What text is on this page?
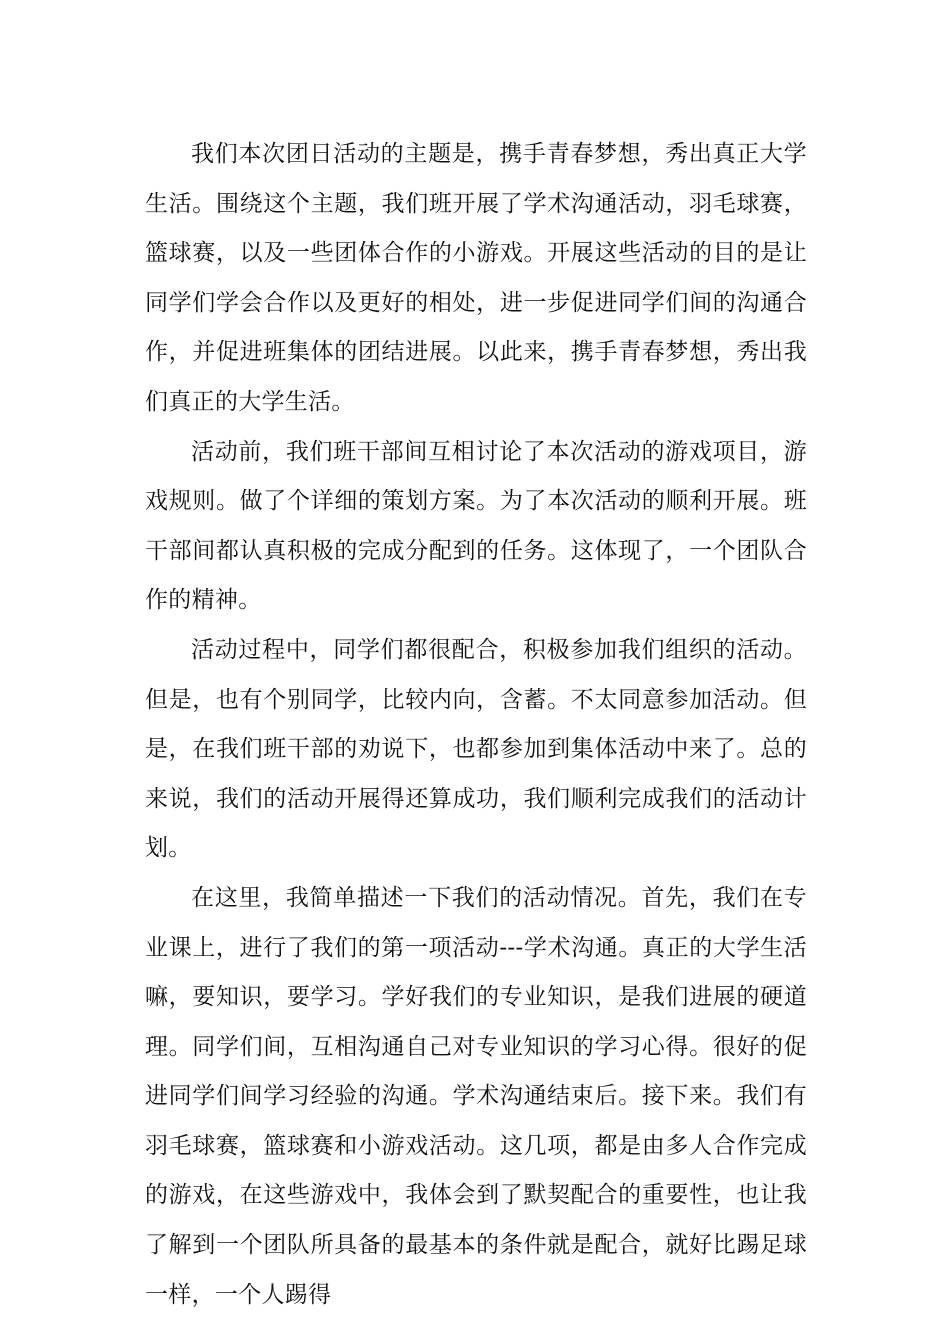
我们本次团日活动的主题是，携手青春梦想，秀出真正大学生活。围绕这个主题，我们班开展了学术沟通活动，羽毛球赛，篮球赛，以及一些团体合作的小游戏。开展这些活动的目的是让同学们学会合作以及更好的相处，进一步促进同学们间的沟通合作，并促进班集体的团结进展。以此来，携手青春梦想，秀出我们真正的大学生活。

活动前，我们班干部间互相讨论了本次活动的游戏项目，游戏规则。做了个详细的策划方案。为了本次活动的顺利开展。班干部间都认真积极的完成分配到的任务。这体现了，一个团队合作的精神。

活动过程中，同学们都很配合，积极参加我们组织的活动。但是，也有个别同学，比较内向，含蓄。不太同意参加活动。但是，在我们班干部的劝说下，也都参加到集体活动中来了。总的来说，我们的活动开展得还算成功，我们顺利完成我们的活动计划。

在这里，我简单描述一下我们的活动情况。首先，我们在专业课上，进行了我们的第一项活动---学术沟通。真正的大学生活嘛，要知识，要学习。学好我们的专业知识，是我们进展的硬道理。同学们间，互相沟通自己对专业知识的学习心得。很好的促进同学们间学习经验的沟通。学术沟通结束后。接下来。我们有羽毛球赛，篮球赛和小游戏活动。这几项，都是由多人合作完成的游戏，在这些游戏中，我体会到了默契配合的重要性，也让我了解到一个团队所具备的最基本的条件就是配合，就好比踢足球一样，一个人踢得
